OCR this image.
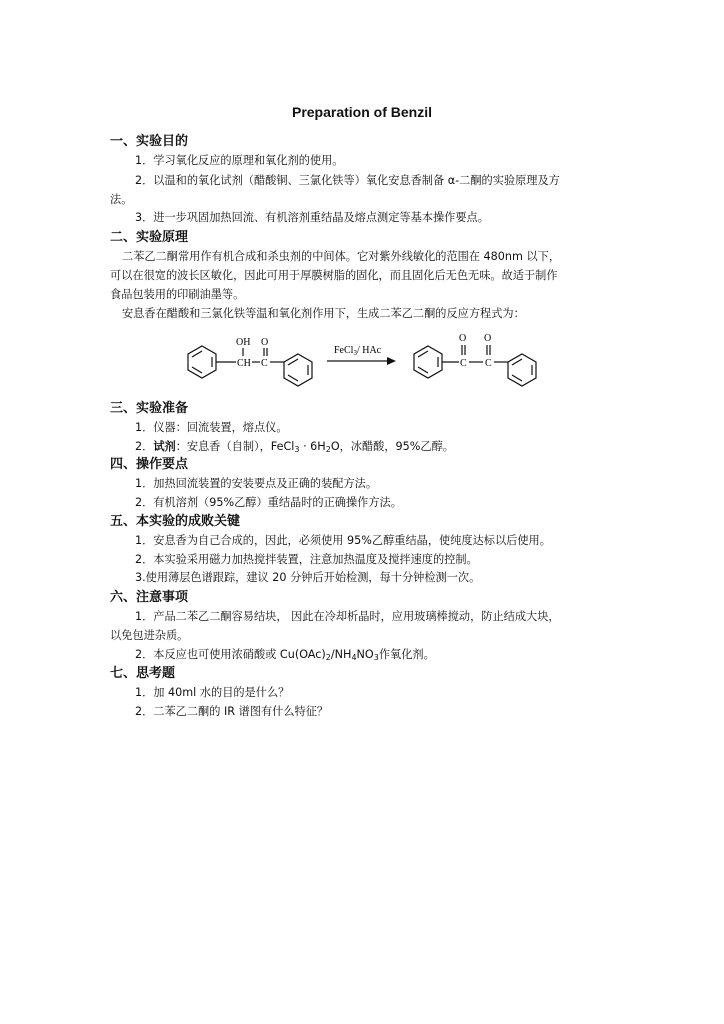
Preparation of Benzil
一、实验目的
1．学习氧化反应的原理和氧化剂的使用。
2．以温和的氧化试剂（醋酸铜、三氯化铁等）氧化安息香制备 α-二酮的实验原理及方
法。
3．进一步巩固加热回流、有机溶剂重结晶及熔点测定等基本操作要点。
二、实验原理
二苯乙二酮常用作有机合成和杀虫剂的中间体。它对紫外线敏化的范围在 480nm 以下，
可以在很宽的波长区敏化，因此可用于厚膜树脂的固化，而且固化后无色无味。故适于制作
食品包装用的印刷油墨等。
安息香在醋酸和三氯化铁等温和氧化剂作用下，生成二苯乙二酮的反应方程式为：
OH O
CH C
FeCl$_3$/ HAc
O O
C C
三、实验准备
1．仪器：回流装置，熔点仪。
2．试剂：安息香（自制），FeCl$_3$ · $6H_2O$，冰醋酸，95%乙醇。
四、操作要点
1．加热回流装置的安装要点及正确的装配方法。
2．有机溶剂（95%乙醇）重结晶时的正确操作方法。
五、本实验的成败关键
1．安息香为自己合成的，因此，必须使用 95%乙醇重结晶，使纯度达标以后使用。
2．本实验采用磁力加热搅拌装置，注意加热温度及搅拌速度的控制。
3.使用薄层色谱跟踪，建议 20 分钟后开始检测，每十分钟检测一次。
六、注意事项
1．产品二苯乙二酮容易结块， 因此在冷却析晶时，应用玻璃棒搅动，防止结成大块，
以免包进杂质。
2．本反应也可使用浓硝酸或 $Cu(OAc)_2/NH_4NO_3$作氧化剂。
七、思考题
1．加 40ml 水的目的是什么？
2．二苯乙二酮的 IR 谱图有什么特征？
